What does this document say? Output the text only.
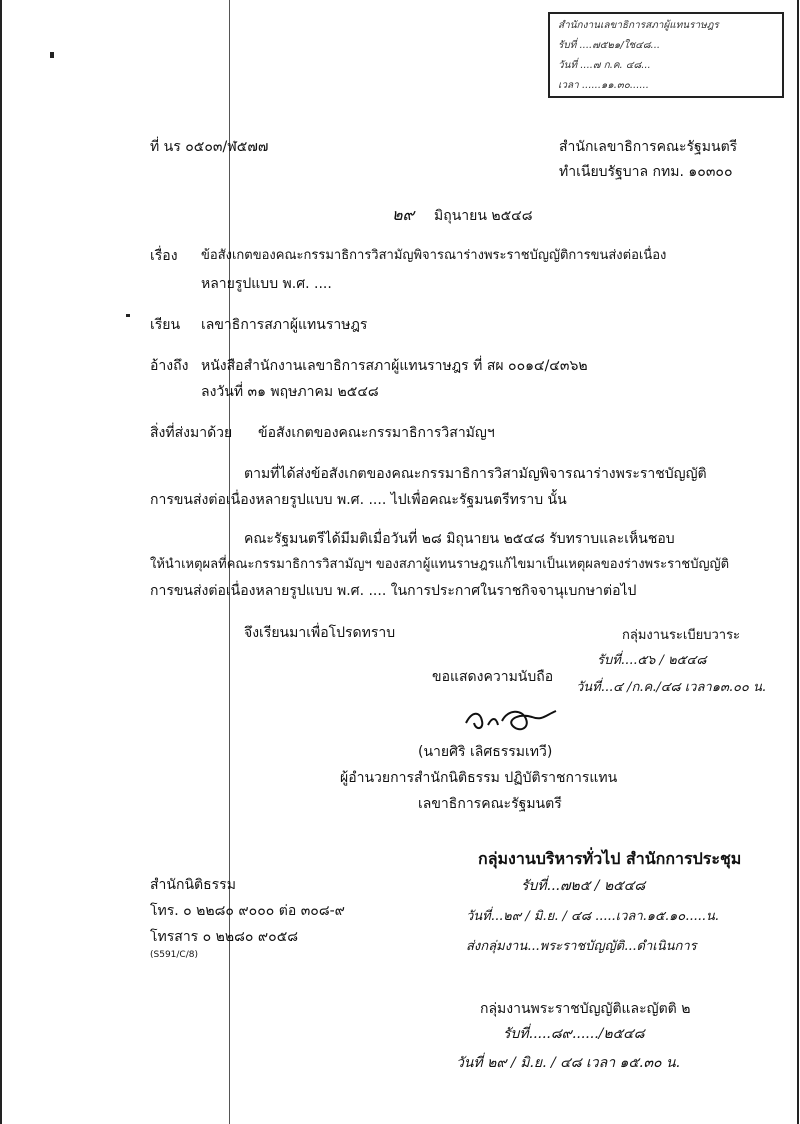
สำนักงานเลขาธิการสภาผู้แทนราษฎร
รับที่ ....๗๕๒๑/ใช๔๘...
วันที่ ....๗ ก.ค. ๔๘...
เวลา ......๑๑.๓๐......
ที่ นร ๐๕๐๓/ฬ๕๗๗	สำนักเลขาธิการคณะรัฐมนตรี
ทำเนียบรัฐบาล กทม. ๑๐๓๐๐
๒๙ มิถุนายน ๒๕๔๘
เรื่อง ข้อสังเกตของคณะกรรมาธิการวิสามัญพิจารณาร่างพระราชบัญญัติการขนส่งต่อเนื่อง
หลายรูปแบบ พ.ศ. ....
เรียน เลขาธิการสภาผู้แทนราษฎร
อ้างถึง หนังสือสำนักงานเลขาธิการสภาผู้แทนราษฎร ที่ สผ ๐๐๑๔/๔๓๖๒
ลงวันที่ ๓๑ พฤษภาคม ๒๕๔๘
สิ่งที่ส่งมาด้วย ข้อสังเกตของคณะกรรมาธิการวิสามัญฯ
ตามที่ได้ส่งข้อสังเกตของคณะกรรมาธิการวิสามัญพิจารณาร่างพระราชบัญญัติ
การขนส่งต่อเนื่องหลายรูปแบบ พ.ศ. .... ไปเพื่อคณะรัฐมนตรีทราบ นั้น
คณะรัฐมนตรีได้มีมติเมื่อวันที่ ๒๘ มิถุนายน ๒๕๔๘ รับทราบและเห็นชอบ
ให้นำเหตุผลที่คณะกรรมาธิการวิสามัญฯ ของสภาผู้แทนราษฎรแก้ไขมาเป็นเหตุผลของร่างพระราชบัญญัติ
การขนส่งต่อเนื่องหลายรูปแบบ พ.ศ. .... ในการประกาศในราชกิจจานุเบกษาต่อไป
จึงเรียนมาเพื่อโปรดทราบ	กลุ่มงานระเบียบวาระ
รับที่....๕๖ / ๒๕๔๘
วันที่...๔ /ก.ค./๔๘ เวลา๑๓.๐๐ น.
ขอแสดงความนับถือ
(นายศิริ เลิศธรรมเทวี)
ผู้อำนวยการสำนักนิติธรรม ปฏิบัติราชการแทน
เลขาธิการคณะรัฐมนตรี
กลุ่มงานบริหารทั่วไป สำนักการประชุม
รับที่...๗๒๕ / ๒๕๔๘
วันที่...๒๙ / มิ.ย. / ๔๘ .....เวลา.๑๕.๑๐.....น.
ส่งกลุ่มงาน...พระราชบัญญัติ...ดำเนินการ
สำนักนิติธรรม
โทร. ๐ ๒๒๘๐ ๙๐๐๐ ต่อ ๓๐๘-๙
โทรสาร ๐ ๒๒๘๐ ๙๐๕๘
(S591/C/8)
กลุ่มงานพระราชบัญญัติและญัตติ ๒
รับที่.....๘๙....../๒๕๔๘
วันที่ ๒๙ / มิ.ย. / ๔๘ เวลา ๑๕.๓๐ น.
